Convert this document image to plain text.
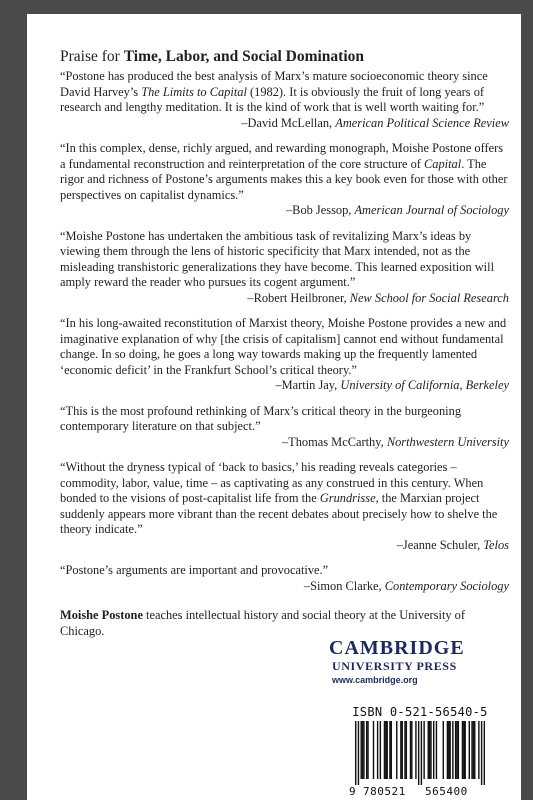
Praise for Time, Labor, and Social Domination

“Postone has produced the best analysis of Marx’s mature socioeconomic theory since David Harvey’s The Limits to Capital (1982). It is obviously the fruit of long years of research and lengthy meditation. It is the kind of work that is well worth waiting for.”

–David McLellan, American Political Science Review

“In this complex, dense, richly argued, and rewarding monograph, Moishe Postone offers a fundamental reconstruction and reinterpretation of the core structure of Capital. The rigor and richness of Postone’s arguments makes this a key book even for those with other perspectives on capitalist dynamics.”

–Bob Jessop, American Journal of Sociology

“Moishe Postone has undertaken the ambitious task of revitalizing Marx’s ideas by viewing them through the lens of historic specificity that Marx intended, not as the misleading transhistoric generalizations they have become. This learned exposition will amply reward the reader who pursues its cogent argument.”

–Robert Heilbroner, New School for Social Research

“In his long-awaited reconstitution of Marxist theory, Moishe Postone provides a new and imaginative explanation of why [the crisis of capitalism] cannot end without fundamental change. In so doing, he goes a long way towards making up the frequently lamented ‘economic deficit’ in the Frankfurt School’s critical theory.”

–Martin Jay, University of California, Berkeley

“This is the most profound rethinking of Marx’s critical theory in the burgeoning contemporary literature on that subject.”

–Thomas McCarthy, Northwestern University

“Without the dryness typical of ‘back to basics,’ his reading reveals categories – commodity, labor, value, time – as captivating as any construed in this century. When bonded to the visions of post-capitalist life from the Grundrisse, the Marxian project suddenly appears more vibrant than the recent debates about precisely how to shelve the theory indicate.”

–Jeanne Schuler, Telos

“Postone’s arguments are important and provocative.”

–Simon Clarke, Contemporary Sociology

Moishe Postone teaches intellectual history and social theory at the University of Chicago.

CAMBRIDGE

UNIVERSITY PRESS

www.cambridge.org

ISBN 0-521-56540-5

9 780521 565400
